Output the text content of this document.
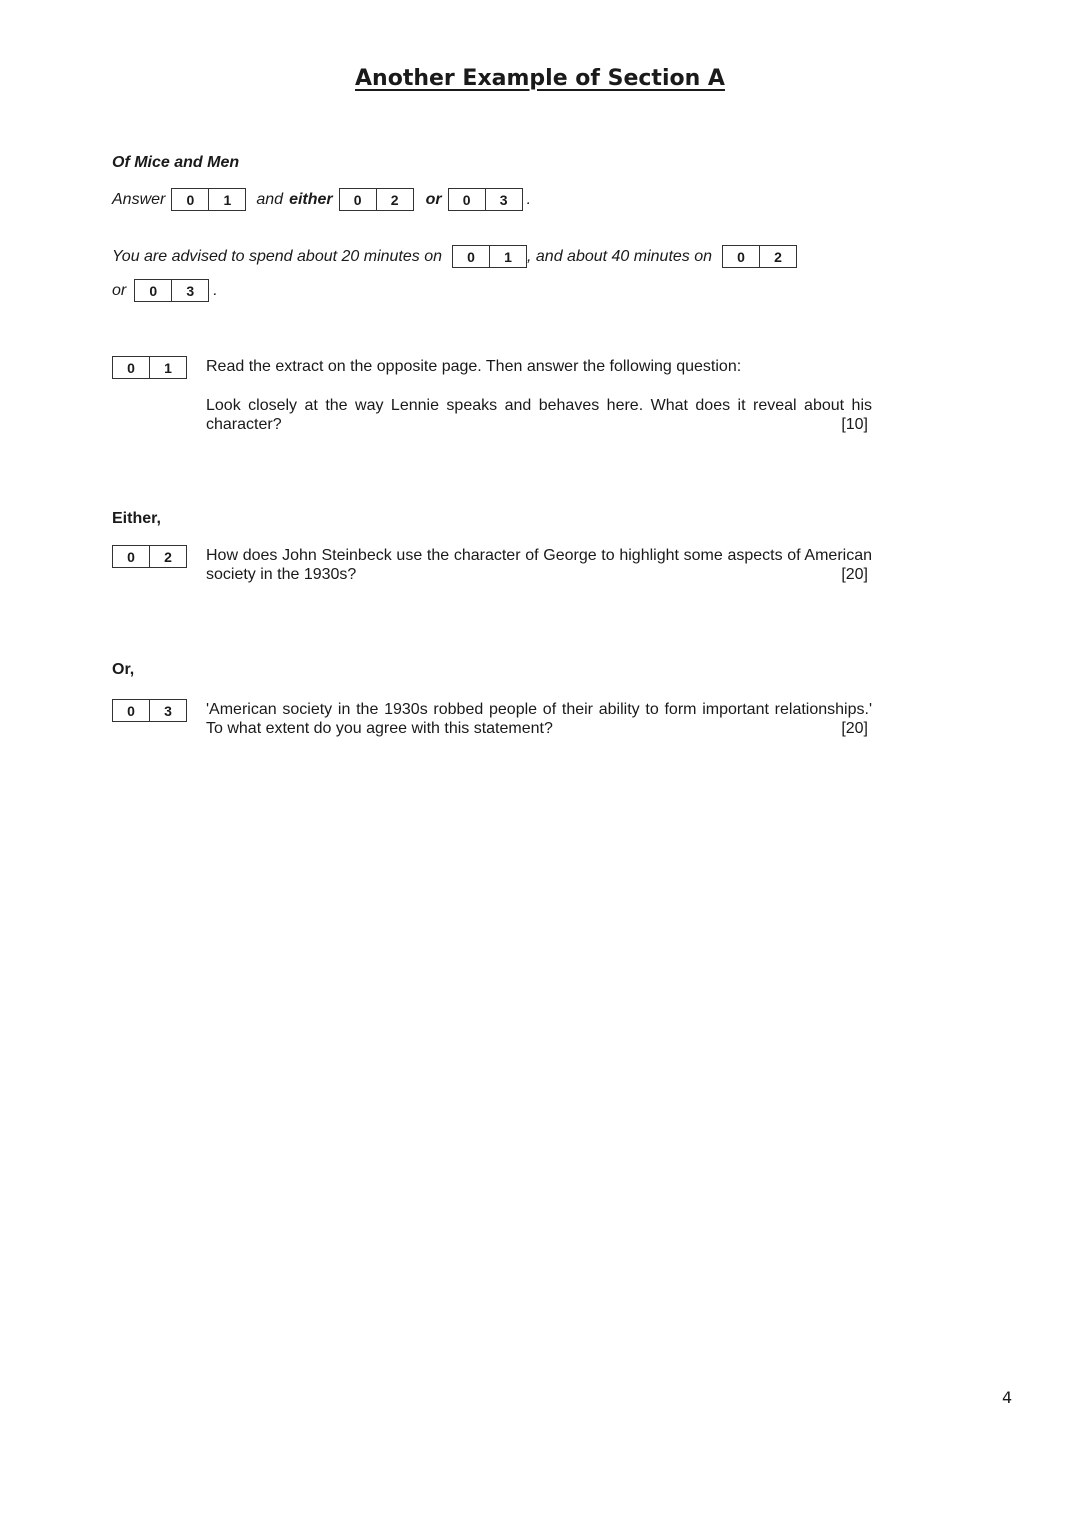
Another Example of Section A
Of Mice and Men
Answer	0	1	and either	0	2	or	0	3	.
You are advised to spend about 20 minutes on	0	1 , and about 40 minutes on	0	2
or	0	3	.
0	1	Read the extract on the opposite page. Then answer the following question:

Look closely at the way Lennie speaks and behaves here. What does it reveal about his character?	[10]
Either,
0	2	How does John Steinbeck use the character of George to highlight some aspects of American society in the 1930s?	[20]
Or,
0	3	'American society in the 1930s robbed people of their ability to form important relationships.' To what extent do you agree with this statement?	[20]
4
